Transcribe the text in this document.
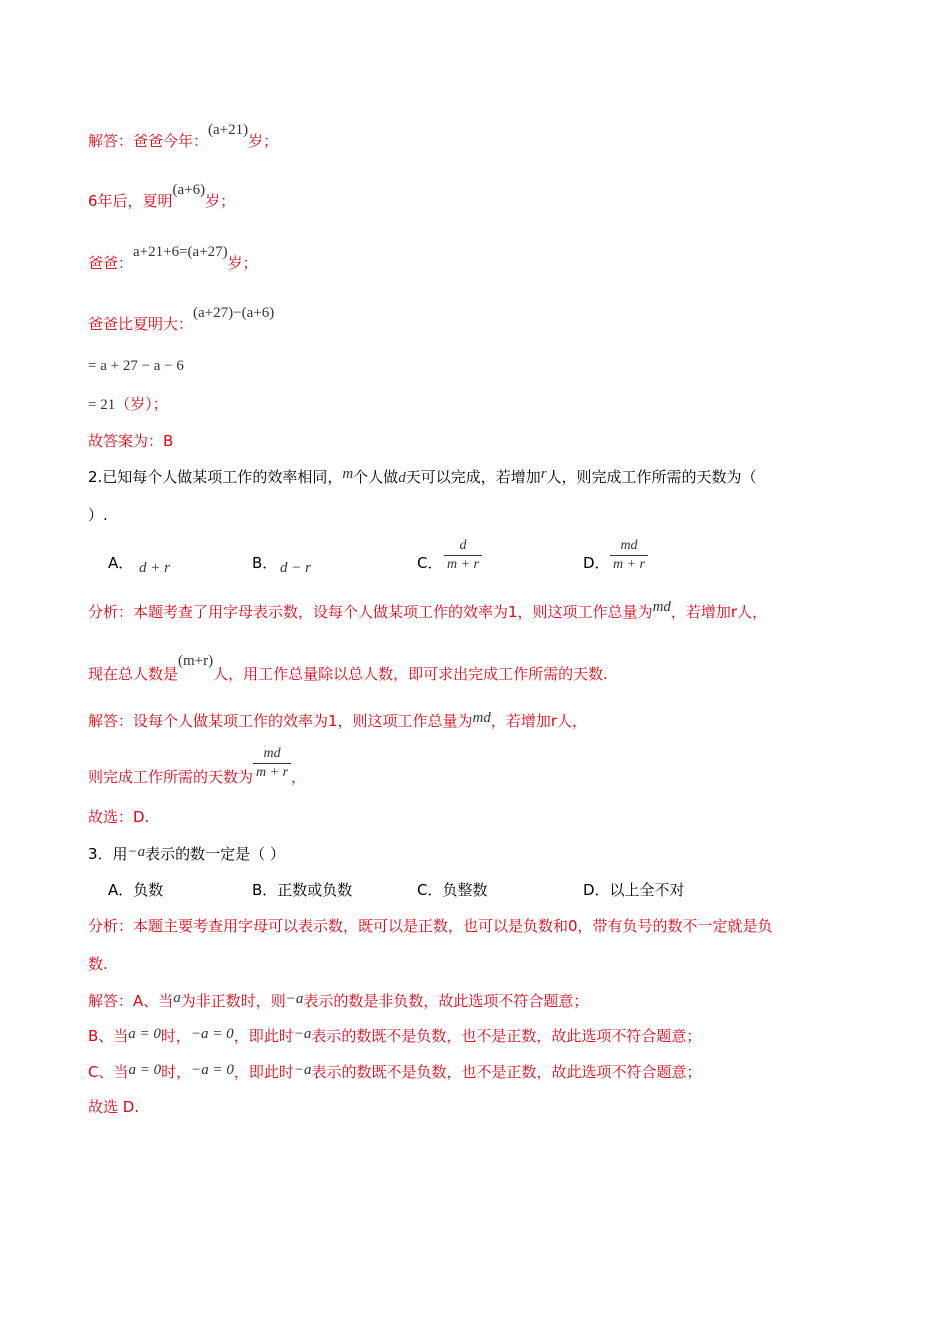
解答：爸爸今年：(a+21)岁；
6年后，夏明(a+6)岁；
爸爸：a+21+6=(a+27)岁；
爸爸比夏明大：(a+27)−(a+6)
= a + 27 − a − 6
= 21（岁）；
故答案为：B
2.已知每个人做某项工作的效率相同，m个人做d天可以完成，若增加r人，则完成工作所需的天数为（
）.
A． d + r	B． d − r	C． $\frac{d}{m + r}$	D． $\frac{md}{m + r}$
分析：本题考查了用字母表示数，设每个人做某项工作的效率为1，则这项工作总量为md，若增加r人，
现在总人数是(m+r)人，用工作总量除以总人数，即可求出完成工作所需的天数.
解答：设每个人做某项工作的效率为1，则这项工作总量为md，若增加r人，
则完成工作所需的天数为 $\frac{md}{m + r}$ ，
故选：D.
3．用−a表示的数一定是（ ）
A．负数	B．正数或负数	C．负整数	D．以上全不对
分析：本题主要考查用字母可以表示数，既可以是正数，也可以是负数和0，带有负号的数不一定就是负
数.
解答：A、当a为非正数时，则−a表示的数是非负数，故此选项不符合题意；
B、当a = 0时，−a = 0，即此时−a表示的数既不是负数，也不是正数，故此选项不符合题意；
C、当a = 0时，−a = 0，即此时−a表示的数既不是负数，也不是正数，故此选项不符合题意；
故选 D.
